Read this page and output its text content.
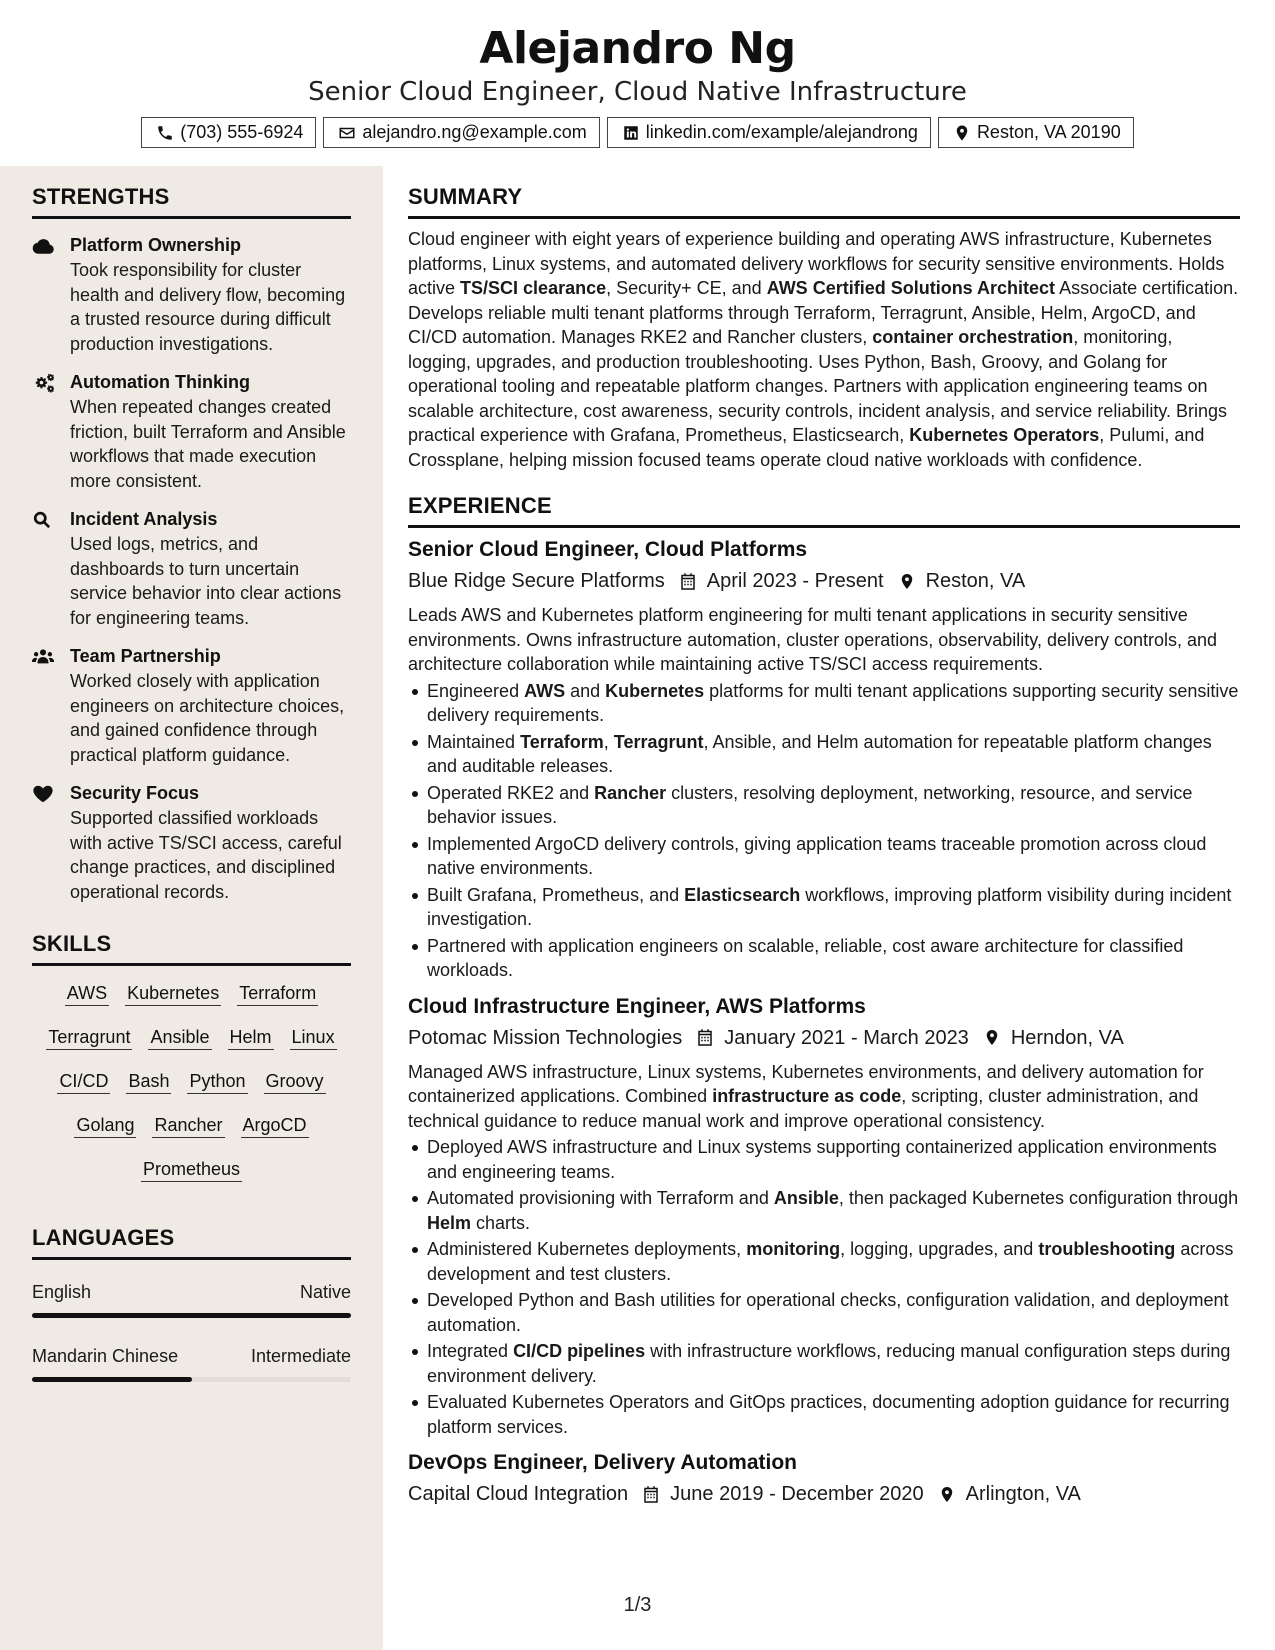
Alejandro Ng
Senior Cloud Engineer, Cloud Native Infrastructure
(703) 555-6924	alejandro.ng@example.com	linkedin.com/example/alejandrong	Reston, VA 20190
STRENGTHS
Platform Ownership
Took responsibility for cluster health and delivery flow, becoming a trusted resource during difficult production investigations.
Automation Thinking
When repeated changes created friction, built Terraform and Ansible workflows that made execution more consistent.
Incident Analysis
Used logs, metrics, and dashboards to turn uncertain service behavior into clear actions for engineering teams.
Team Partnership
Worked closely with application engineers on architecture choices, and gained confidence through practical platform guidance.
Security Focus
Supported classified workloads with active TS/SCI access, careful change practices, and disciplined operational records.
SKILLS
AWS Kubernetes Terraform
Terragrunt Ansible Helm Linux
CI/CD Bash Python Groovy
Golang Rancher ArgoCD
Prometheus
LANGUAGES
English	Native
Mandarin Chinese	Intermediate
SUMMARY
Cloud engineer with eight years of experience building and operating AWS infrastructure, Kubernetes platforms, Linux systems, and automated delivery workflows for security sensitive environments. Holds active TS/SCI clearance, Security+ CE, and AWS Certified Solutions Architect Associate certification. Develops reliable multi tenant platforms through Terraform, Terragrunt, Ansible, Helm, ArgoCD, and CI/CD automation. Manages RKE2 and Rancher clusters, container orchestration, monitoring, logging, upgrades, and production troubleshooting. Uses Python, Bash, Groovy, and Golang for operational tooling and repeatable platform changes. Partners with application engineering teams on scalable architecture, cost awareness, security controls, incident analysis, and service reliability. Brings practical experience with Grafana, Prometheus, Elasticsearch, Kubernetes Operators, Pulumi, and Crossplane, helping mission focused teams operate cloud native workloads with confidence.
EXPERIENCE
Senior Cloud Engineer, Cloud Platforms
Blue Ridge Secure Platforms April 2023 - Present Reston, VA
Leads AWS and Kubernetes platform engineering for multi tenant applications in security sensitive environments. Owns infrastructure automation, cluster operations, observability, delivery controls, and architecture collaboration while maintaining active TS/SCI access requirements.
Engineered AWS and Kubernetes platforms for multi tenant applications supporting security sensitive delivery requirements.
Maintained Terraform, Terragrunt, Ansible, and Helm automation for repeatable platform changes and auditable releases.
Operated RKE2 and Rancher clusters, resolving deployment, networking, resource, and service behavior issues.
Implemented ArgoCD delivery controls, giving application teams traceable promotion across cloud native environments.
Built Grafana, Prometheus, and Elasticsearch workflows, improving platform visibility during incident investigation.
Partnered with application engineers on scalable, reliable, cost aware architecture for classified workloads.
Cloud Infrastructure Engineer, AWS Platforms
Potomac Mission Technologies January 2021 - March 2023 Herndon, VA
Managed AWS infrastructure, Linux systems, Kubernetes environments, and delivery automation for containerized applications. Combined infrastructure as code, scripting, cluster administration, and technical guidance to reduce manual work and improve operational consistency.
Deployed AWS infrastructure and Linux systems supporting containerized application environments and engineering teams.
Automated provisioning with Terraform and Ansible, then packaged Kubernetes configuration through Helm charts.
Administered Kubernetes deployments, monitoring, logging, upgrades, and troubleshooting across development and test clusters.
Developed Python and Bash utilities for operational checks, configuration validation, and deployment automation.
Integrated CI/CD pipelines with infrastructure workflows, reducing manual configuration steps during environment delivery.
Evaluated Kubernetes Operators and GitOps practices, documenting adoption guidance for recurring platform services.
DevOps Engineer, Delivery Automation
Capital Cloud Integration June 2019 - December 2020 Arlington, VA
1/3
